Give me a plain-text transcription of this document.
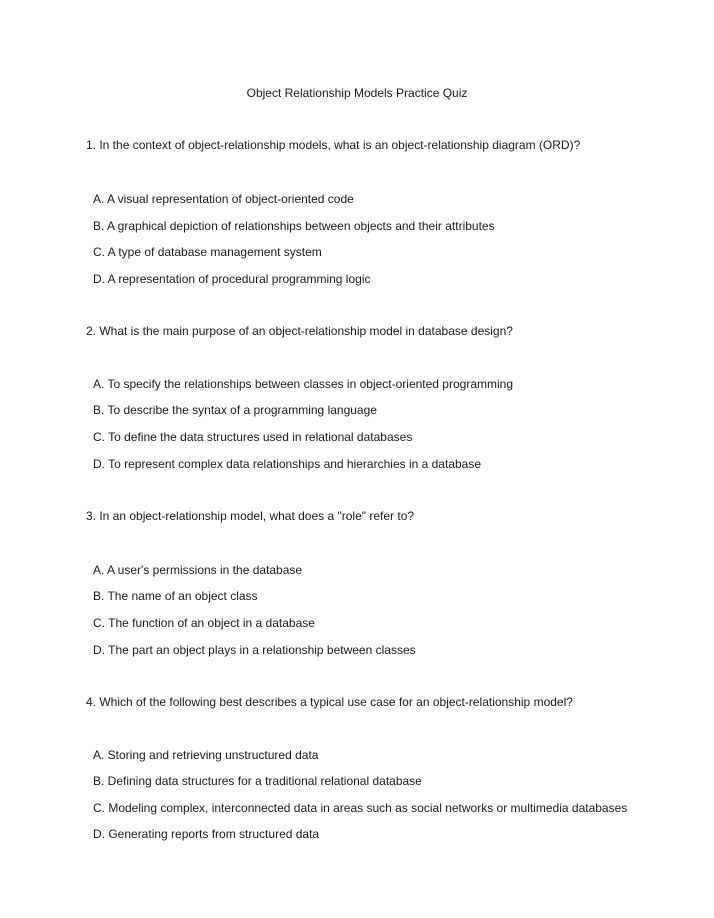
Object Relationship Models Practice Quiz
1. In the context of object-relationship models, what is an object-relationship diagram (ORD)?
A. A visual representation of object-oriented code
B. A graphical depiction of relationships between objects and their attributes
C. A type of database management system
D. A representation of procedural programming logic
2. What is the main purpose of an object-relationship model in database design?
A. To specify the relationships between classes in object-oriented programming
B. To describe the syntax of a programming language
C. To define the data structures used in relational databases
D. To represent complex data relationships and hierarchies in a database
3. In an object-relationship model, what does a "role" refer to?
A. A user's permissions in the database
B. The name of an object class
C. The function of an object in a database
D. The part an object plays in a relationship between classes
4. Which of the following best describes a typical use case for an object-relationship model?
A. Storing and retrieving unstructured data
B. Defining data structures for a traditional relational database
C. Modeling complex, interconnected data in areas such as social networks or multimedia databases
D. Generating reports from structured data
